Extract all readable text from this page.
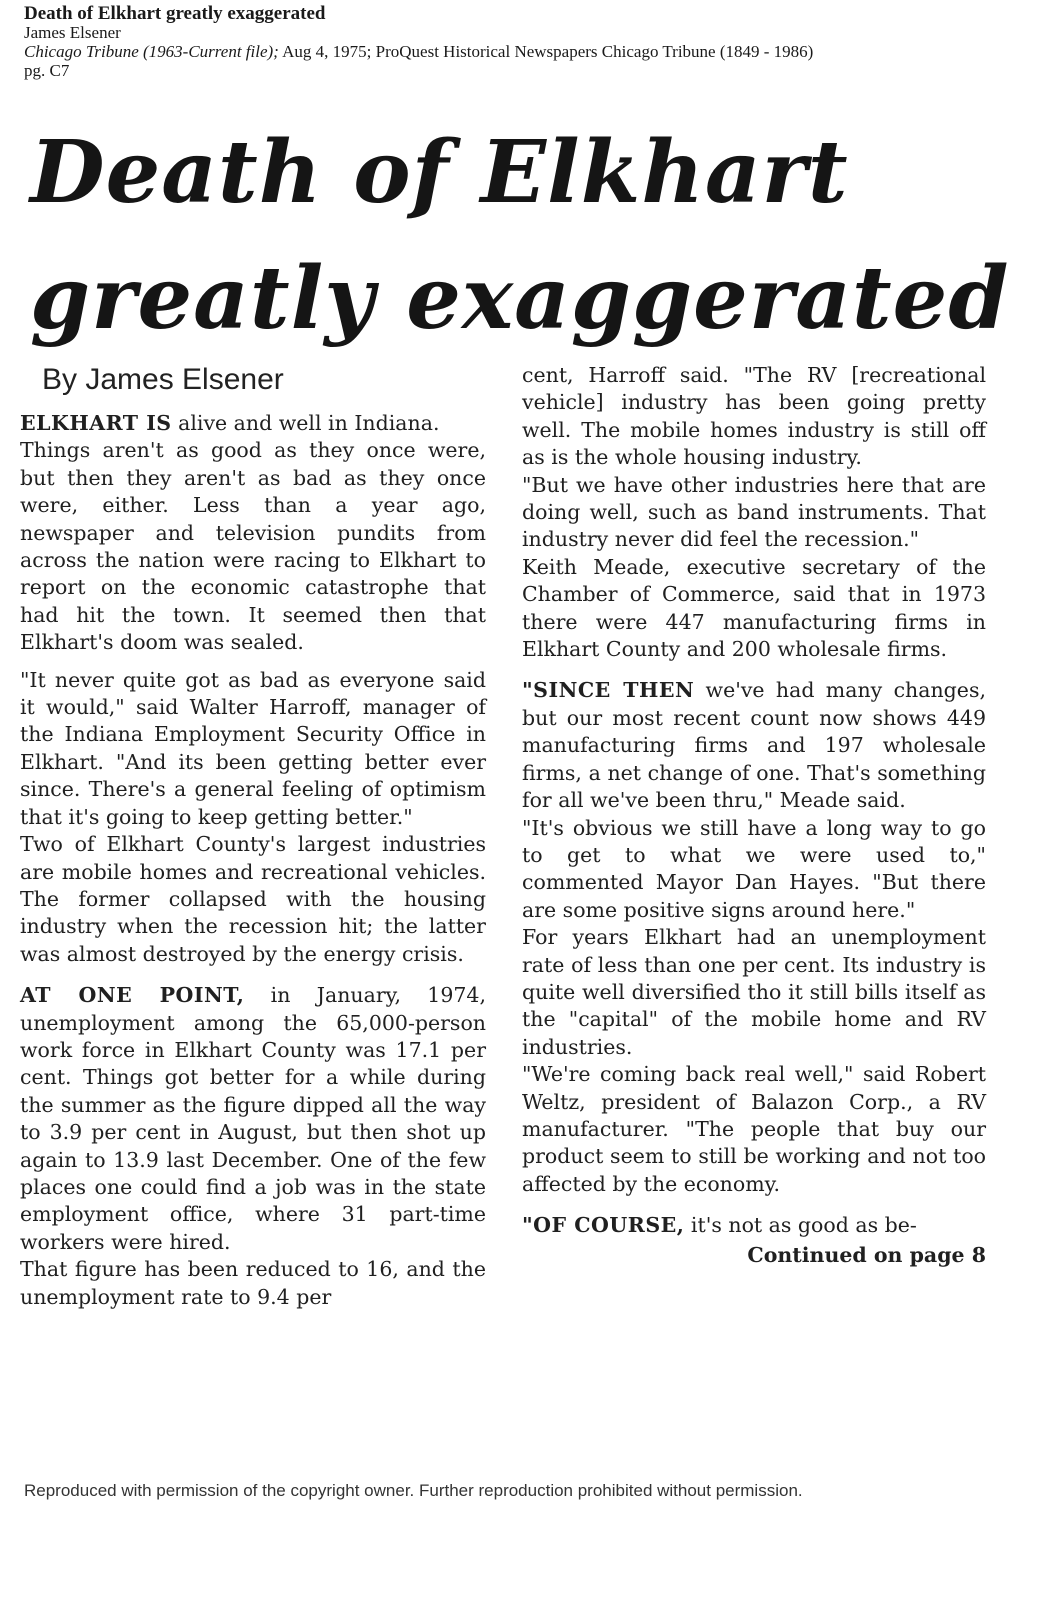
Death of Elkhart greatly exaggerated
James Elsener
Chicago Tribune (1963-Current file); Aug 4, 1975; ProQuest Historical Newspapers Chicago Tribune (1849 - 1986)
pg. C7
Death of Elkhart
greatly exaggerated
By James Elsener

ELKHART IS alive and well in Indiana.

Things aren't as good as they once were, but then they aren't as bad as they once were, either. Less than a year ago, newspaper and television pundits from across the nation were racing to Elkhart to report on the economic catastrophe that had hit the town. It seemed then that Elkhart's doom was sealed.

"It never quite got as bad as everyone said it would," said Walter Harroff, manager of the Indiana Employment Security Office in Elkhart. "And its been getting better ever since. There's a general feeling of optimism that it's going to keep getting better."

Two of Elkhart County's largest industries are mobile homes and recreational vehicles. The former collapsed with the housing industry when the recession hit; the latter was almost destroyed by the energy crisis.

AT ONE POINT, in January, 1974, unemployment among the 65,000-person work force in Elkhart County was 17.1 per cent. Things got better for a while during the summer as the figure dipped all the way to 3.9 per cent in August, but then shot up again to 13.9 last December. One of the few places one could find a job was in the state employment office, where 31 part-time workers were hired.

That figure has been reduced to 16, and the unemployment rate to 9.4 per

cent, Harroff said. "The RV [recreational vehicle] industry has been going pretty well. The mobile homes industry is still off as is the whole housing industry.

"But we have other industries here that are doing well, such as band instruments. That industry never did feel the recession."

Keith Meade, executive secretary of the Chamber of Commerce, said that in 1973 there were 447 manufacturing firms in Elkhart County and 200 wholesale firms.

"SINCE THEN we've had many changes, but our most recent count now shows 449 manufacturing firms and 197 wholesale firms, a net change of one. That's something for all we've been thru," Meade said.

"It's obvious we still have a long way to go to get to what we were used to," commented Mayor Dan Hayes. "But there are some positive signs around here."

For years Elkhart had an unemployment rate of less than one per cent. Its industry is quite well diversified tho it still bills itself as the "capital" of the mobile home and RV industries.

"We're coming back real well," said Robert Weltz, president of Balazon Corp., a RV manufacturer. "The people that buy our product seem to still be working and not too affected by the economy.

"OF COURSE, it's not as good as be-

Continued on page 8
Reproduced with permission of the copyright owner. Further reproduction prohibited without permission.
